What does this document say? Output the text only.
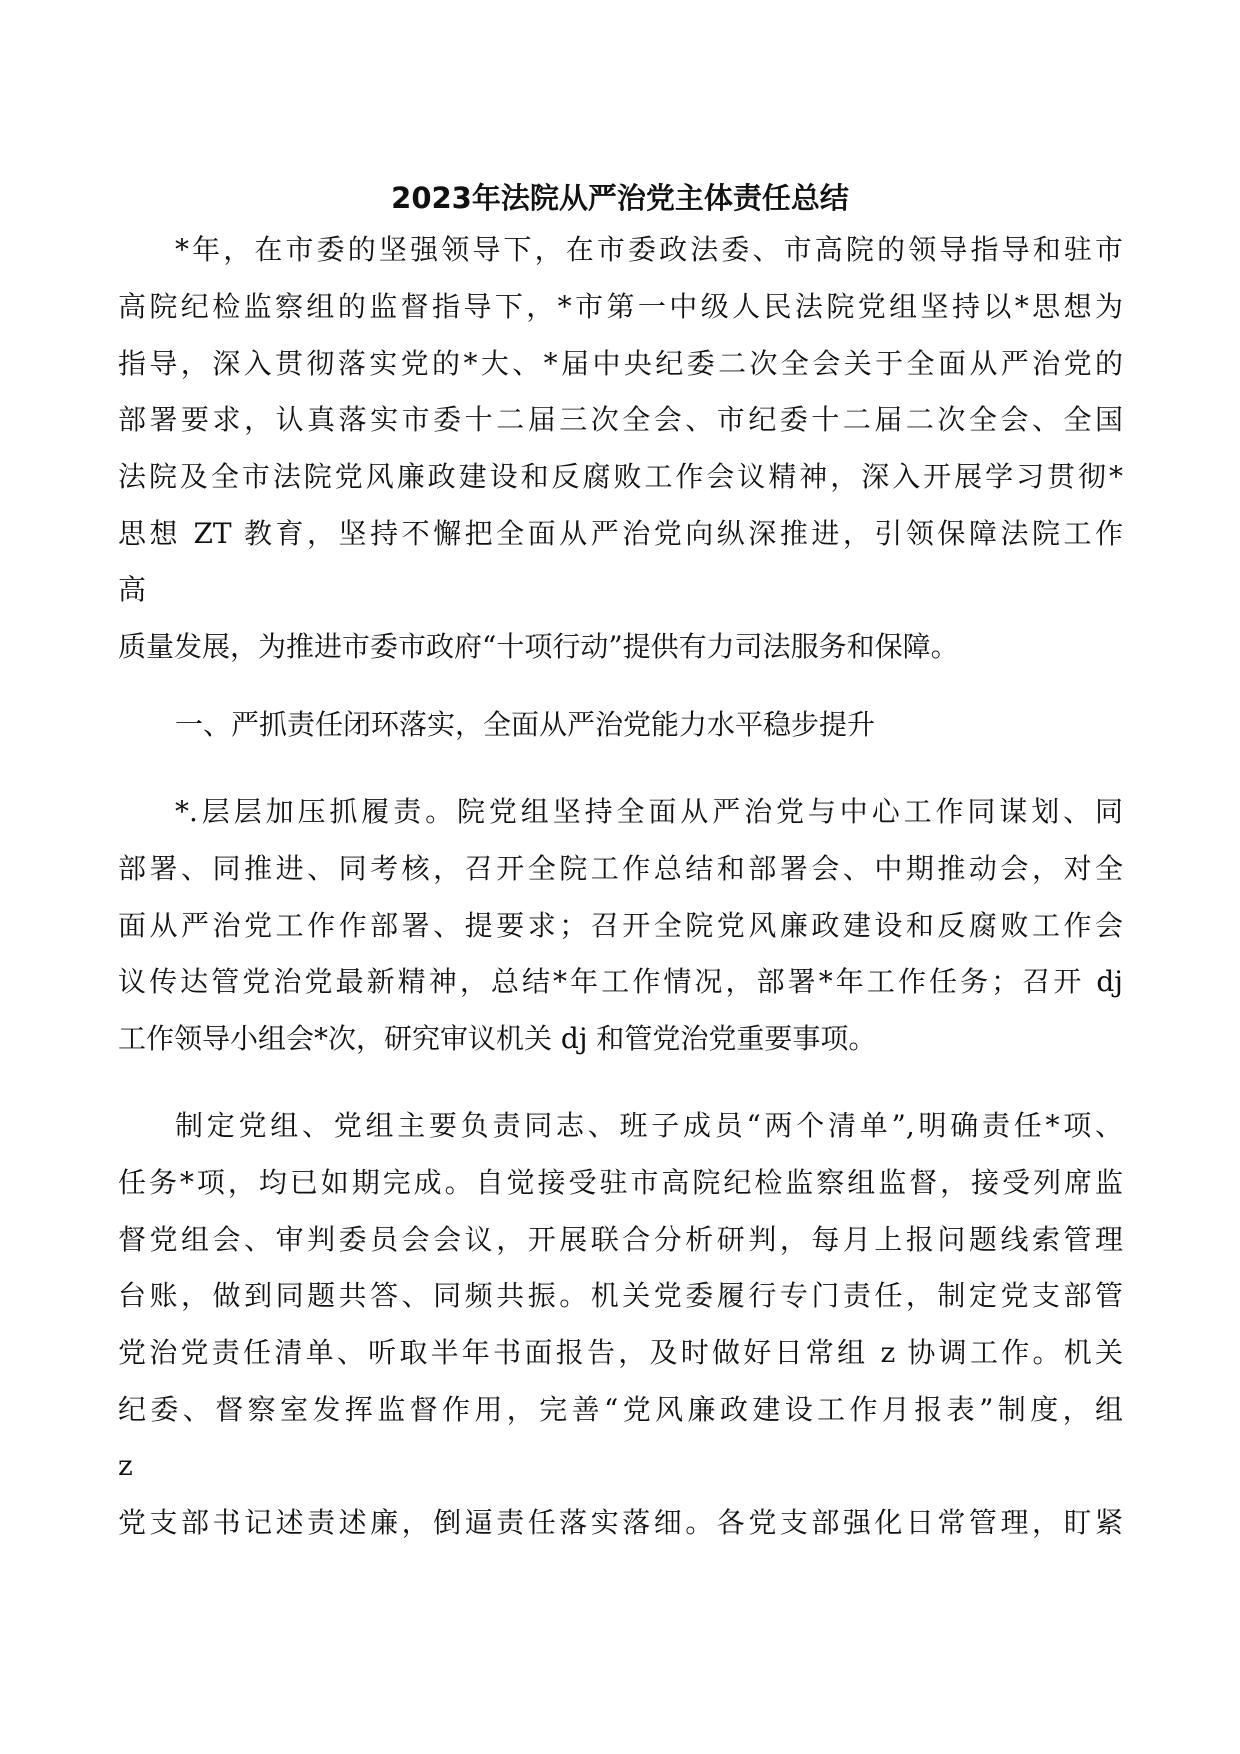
2023年法院从严治党主体责任总结
*年，在市委的坚强领导下，在市委政法委、市高院的领导指导和驻市
高院纪检监察组的监督指导下，*市第一中级人民法院党组坚持以*思想为
指导，深入贯彻落实党的*大、*届中央纪委二次全会关于全面从严治党的
部署要求，认真落实市委十二届三次全会、市纪委十二届二次全会、全国
法院及全市法院党风廉政建设和反腐败工作会议精神，深入开展学习贯彻*
思想 ZT 教育，坚持不懈把全面从严治党向纵深推进，引领保障法院工作
高
质量发展，为推进市委市政府“十项行动”提供有力司法服务和保障。
一、严抓责任闭环落实，全面从严治党能力水平稳步提升
*.层层加压抓履责。院党组坚持全面从严治党与中心工作同谋划、同
部署、同推进、同考核，召开全院工作总结和部署会、中期推动会，对全
面从严治党工作作部署、提要求；召开全院党风廉政建设和反腐败工作会
议传达管党治党最新精神，总结*年工作情况，部署*年工作任务；召开 dj
工作领导小组会*次，研究审议机关 dj 和管党治党重要事项。
制定党组、党组主要负责同志、班子成员“两个清单”,明确责任*项、
任务*项，均已如期完成。自觉接受驻市高院纪检监察组监督，接受列席监
督党组会、审判委员会会议，开展联合分析研判，每月上报问题线索管理
台账，做到同题共答、同频共振。机关党委履行专门责任，制定党支部管
党治党责任清单、听取半年书面报告，及时做好日常组 z 协调工作。机关
纪委、督察室发挥监督作用，完善“党风廉政建设工作月报表”制度，组
z
党支部书记述责述廉，倒逼责任落实落细。各党支部强化日常管理，盯紧
